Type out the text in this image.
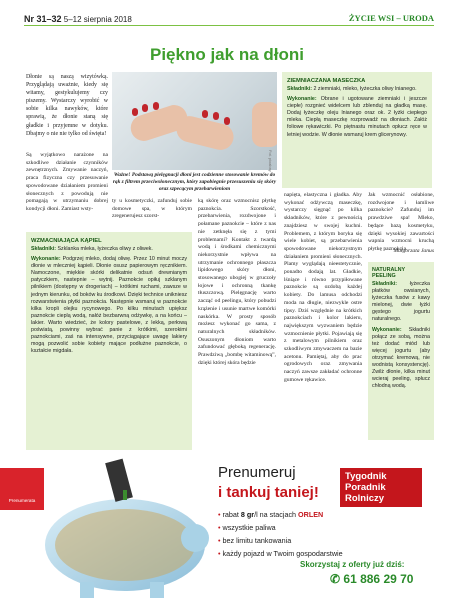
Nr 31–32 5–12 sierpnia 2018	ŻYCIE WSI – URODA
Piękno jak na dłoni
Dłonie są naszą wizytówką. Przyglądają uważnie, kiedy się witamy, gestykulujemy czy piszemy. Wystarczy wyrobić w sobie kilka nawyków, które sprawią, że dłonie staną się gładkie i przyjemne w dotyku. Dbajmy o nie nie tylko od święta!
Są wyjątkowo narażone na szkodliwe działanie czynników zewnętrznych. Zmywanie naczyń, praca fizyczna czy przesuwanie spowodowane działaniem promieni słonecznych z powodują nie pomagają w utrzymaniu dobrej kondycji dłoni. Zamiast wsty-
Fot. pixabay
Ważne! Podstawą pielęgnacji dłoni jest codzienne stosowanie kremów do rąk z filtrem przeciwsłonecznym, który zapobiegnie przesuszeniu się skóry oraz szpecącym przebarwieniom
ty u kosmetyczki, zafunduj sobie domowe spa, w którym zregenerujesz szorst-
WZMACNIAJĄCA KĄPIEL
Składniki: Szklanka mleka, łyżeczka oliwy z oliwek.
Wykonanie: Podgrzej mleko, dodaj oliwę. Przez 10 minut moczy dłonie w mleczniej kąpieli. Dłonie osusz papierowym ręcznikiem. Namoczone, miękkie skórki delikatnie odsuń drewnianym patyczkiem, nastepnie – wytnij. Paznokcie opiłuj szklanym pilnikiem (dostępny w drogeriach) – krótkimi ruchami, zawsze w jednym kierunku, od boków ku środkowi. Dzięki technice unikniesz rozwarstwienia płytki paznokcia. Następnie wsmaruj w paznokcie kilka kropli olejku rycynowego. Po kilku minutach upiększ paznokcie cieplą wodą, nałóż bezbarwną odżywkę, a na końcu – lakier. Warto wiedzieć, że kolory pastelowe, z lekką, perłową poświatą, powinny wybrać panie z krótkimi, szerokimi paznokciami, zaś na intensywne, przyciągające uwagę lakiery mogą pozwolić sobie kobiety mające podłużne paznokcie, o kształcie migdała.
ką skórę oraz wzmocnisz płytkę paznokcia. Szorstkość, przebarwienia, rozdwojone i połamane paznokcie – które z nas nie zetknęła się z tymi problemami? Kontakt z twardą wodą i środkami chemicznymi niekorzystnie wpływa na utrzymanie ochronnego płaszcza lipidowego skóry dłoni, stosowanego ubogiej w gruczoły łojowe i ochronną tkankę tłuszczową. Pielęgnację warto zacząć od peelingu, który pobudzi krążenie i usunie martwe komórki naskórka. W prosty sposób możesz wykonać go sama, z naturalnych składników. Osuszonym dłoniom warto zafundować głęboką regenerację. Prawdziwą „bombę witaminową”, dzięki której skóra będzie
ZIEMNIACZANA MASECZKA
Składniki: 2 ziemniaki, mleko, łyżeczka oliwy lnianego.
Wykonanie: Obrane i ugotowane ziemniaki i jeszcze ciepłe) rozgnieć widelcem lub zblenduj na gładką masę. Dodaj łyżeczkę oleju lnianego oraz ok. 2 łyżki ciepłego mleka. Ciepłą maseczkę rozprowadź na dłoniach. Załóż foliowe rękawiczki. Po piętnastu minutach opłucz ręce w letniej wodzie. W dłonie wsmaruj krem glicerynowy.
napięta, elastyczna i gładka. Aby wykonać odżywczą maseczkę, wystarczy sięgnąć po kilka składników, które z pewnością znajdziesz w swojej kuchni. Problemem, z którym boryka się wiele kobiet, są przebarwienia spowodowane niekorzystnym działaniem promieni słonecznych. Plamy wyglądają nieestetycznie, ponadto dodają lat. Gładkie, lśniące i równo przypiłowane paznokcie są ozdobą każdej kobiety. Do lamusa odchodzi moda na długie, niezwykle ostre tipsy. Dziś względnie na krótkich paznokciach i kolor lakieru, największym wyzwaniem będzie wzmocnienie płytki. Pojawiają się z metalowym pilnikiem oraz szkodliwym zmywaczem na bazie acetonu. Pamiętaj, aby do prac ogrodowych oraz zmywania naczyń zawsze zakładać ochronne gumowe rękawice.
Jak wzmocnić osłabione, rozdwojone i łamliwe paznokcie? Zafunduj im prawdziwe spa! Mleko, będące bazą kosmetyku, dzięki wysokiej zawartości wapnia wzmocni kruchą płytkę paznokcia.
Małgorzata Janus
NATURALNY PEELING
Składniki: łyżeczka płatków owsianych, łyżeczka fusów z kawy mielonej, dwie łyżki gęstego jogurtu naturalnego.
Wykonanie: Składniki połącz ze sobą, można też dodać miód lub więcej jogurtu (aby otrzymać kremową, nie wodnistą konsystencję). Zwilż dłonie, kilka minut wcieraj peeling, spłucz chłodną wodą.
Prenumerata
Prenumeruj
i tankuj taniej!
Tygodnik
Poradnik
Rolniczy
• rabat 8 gr/l na stacjach ORLEN
• wszystkie paliwa
• bez limitu tankowania
• każdy pojazd w Twoim gospodarstwie
Skorzystaj z oferty już dziś:
✆ 61 886 29 70
